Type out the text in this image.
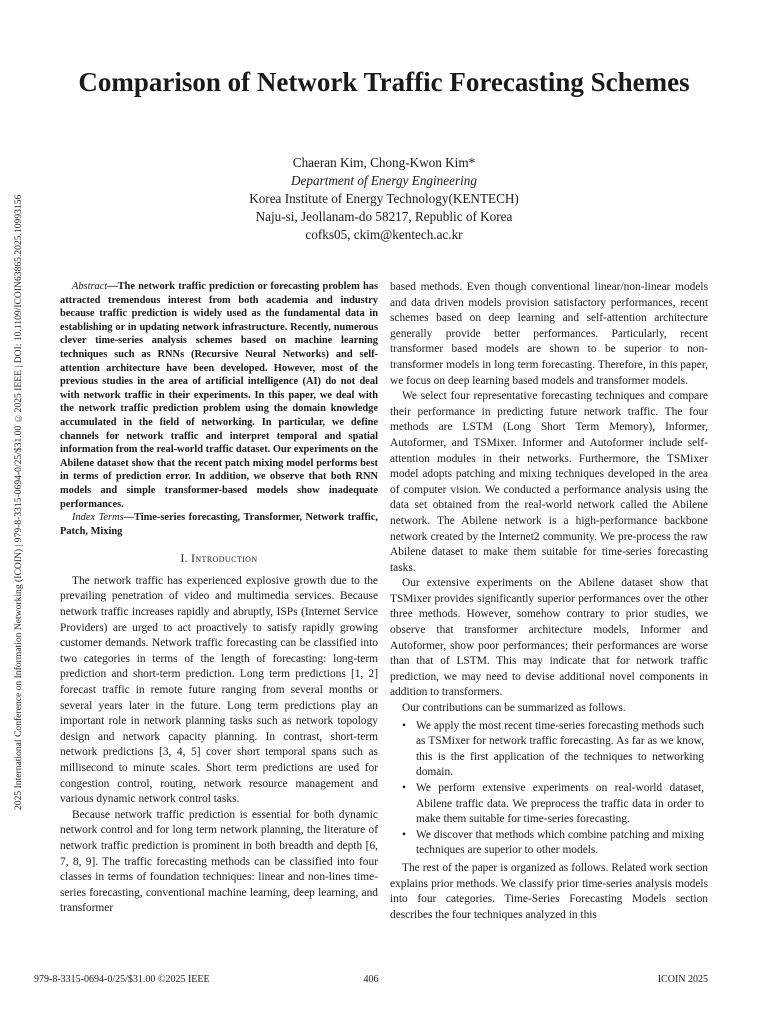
2025 International Conference on Information Networking (ICOIN) | 979-8-3315-0694-0/25/$31.00 ©2025 IEEE | DOI: 10.1109/ICOIN63865.2025.10993156
Comparison of Network Traffic Forecasting Schemes
Chaeran Kim, Chong-Kwon Kim*
Department of Energy Engineering
Korea Institute of Energy Technology(KENTECH)
Naju-si, Jeollanam-do 58217, Republic of Korea
cofks05, ckim@kentech.ac.kr

Abstract—The network traffic prediction or forecasting problem has attracted tremendous interest from both academia and industry because traffic prediction is widely used as the fundamental data in establishing or in updating network infrastructure. Recently, numerous clever time-series analysis schemes based on machine learning techniques such as RNNs (Recursive Neural Networks) and self-attention architecture have been developed. However, most of the previous studies in the area of artificial intelligence (AI) do not deal with network traffic in their experiments. In this paper, we deal with the network traffic prediction problem using the domain knowledge accumulated in the field of networking. In particular, we define channels for network traffic and interpret temporal and spatial information from the real-world traffic dataset. Our experiments on the Abilene dataset show that the recent patch mixing model performs best in terms of prediction error. In addition, we observe that both RNN models and simple transformer-based models show inadequate performances.

Index Terms—Time-series forecasting, Transformer, Network traffic, Patch, Mixing

I. Introduction

The network traffic has experienced explosive growth due to the prevailing penetration of video and multimedia services. Because network traffic increases rapidly and abruptly, ISPs (Internet Service Providers) are urged to act proactively to satisfy rapidly growing customer demands. Network traffic forecasting can be classified into two categories in terms of the length of forecasting: long-term prediction and short-term prediction. Long term predictions [1, 2] forecast traffic in remote future ranging from several months or several years later in the future. Long term predictions play an important role in network planning tasks such as network topology design and network capacity planning. In contrast, short-term network predictions [3, 4, 5] cover short temporal spans such as millisecond to minute scales. Short term predictions are used for congestion control, routing, network resource management and various dynamic network control tasks.

Because network traffic prediction is essential for both dynamic network control and for long term network planning, the literature of network traffic prediction is prominent in both breadth and depth [6, 7, 8, 9]. The traffic forecasting methods can be classified into four classes in terms of foundation techniques: linear and non-lines time- series forecasting, conventional machine learning, deep learning, and transformer

based methods. Even though conventional linear/non-linear models and data driven models provision satisfactory performances, recent schemes based on deep learning and self-attention architecture generally provide better performances. Particularly, recent transformer based models are shown to be superior to non-transformer models in long term forecasting. Therefore, in this paper, we focus on deep learning based models and transformer models.

We select four representative forecasting techniques and compare their performance in predicting future network traffic. The four methods are LSTM (Long Short Term Memory), Informer, Autoformer, and TSMixer. Informer and Autoformer include self-attention modules in their networks. Furthermore, the TSMixer model adopts patching and mixing techniques developed in the area of computer vision. We conducted a performance analysis using the data set obtained from the real-world network called the Abilene network. The Abilene network is a high-performance backbone network created by the Internet2 community. We pre-process the raw Abilene dataset to make them suitable for time-series forecasting tasks.

Our extensive experiments on the Abilene dataset show that TSMixer provides significantly superior performances over the other three methods. However, somehow contrary to prior studies, we observe that transformer architecture models, Informer and Autoformer, show poor performances; their performances are worse than that of LSTM. This may indicate that for network traffic prediction, we may need to devise additional novel components in addition to transformers.

Our contributions can be summarized as follows.

• We apply the most recent time-series forecasting methods such as TSMixer for network traffic forecasting. As far as we know, this is the first application of the techniques to networking domain.
• We perform extensive experiments on real-world dataset, Abilene traffic data. We preprocess the traffic data in order to make them suitable for time-series forecasting.
• We discover that methods which combine patching and mixing techniques are superior to other models.

The rest of the paper is organized as follows. Related work section explains prior methods. We classify prior time-series analysis models into four categories. Time-Series Forecasting Models section describes the four techniques analyzed in this

979-8-3315-0694-0/25/$31.00 ©2025 IEEE	406	ICOIN 2025
